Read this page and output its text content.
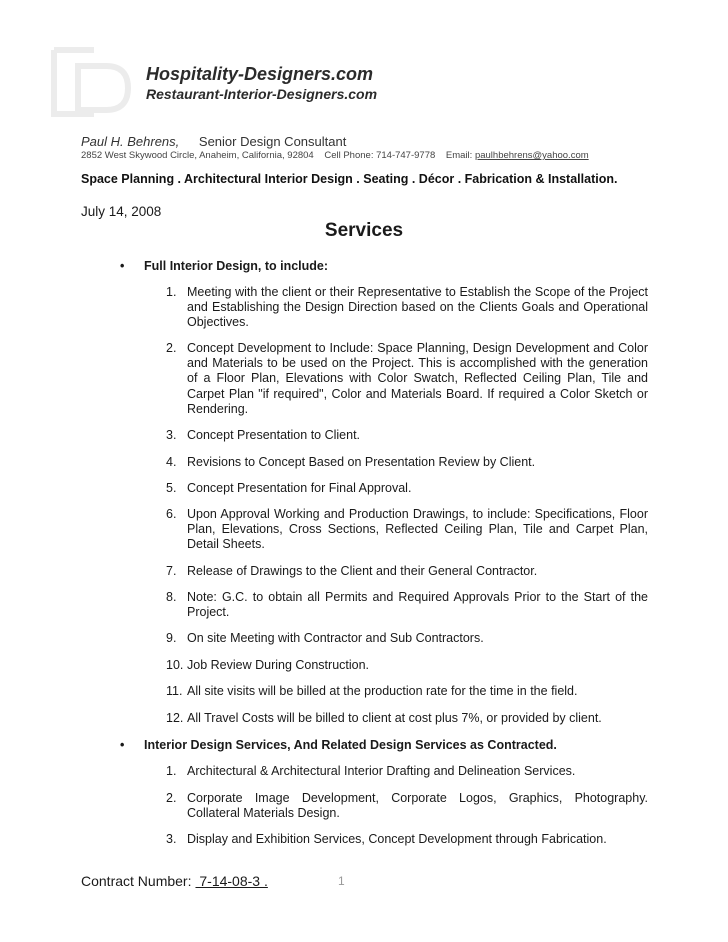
Hospitality-Designers.com
Restaurant-Interior-Designers.com
Paul H. Behrens, Senior Design Consultant
2852 West Skywood Circle, Anaheim, California, 92804 Cell Phone: 714-747-9778 Email: paulhbehrens@yahoo.com
Space Planning . Architectural Interior Design . Seating . Décor . Fabrication & Installation.
July 14, 2008
Services
• Full Interior Design, to include:
1. Meeting with the client or their Representative to Establish the Scope of the Project and Establishing the Design Direction based on the Clients Goals and Operational Objectives.
2. Concept Development to Include: Space Planning, Design Development and Color and Materials to be used on the Project. This is accomplished with the generation of a Floor Plan, Elevations with Color Swatch, Reflected Ceiling Plan, Tile and Carpet Plan "if required", Color and Materials Board. If required a Color Sketch or Rendering.
3. Concept Presentation to Client.
4. Revisions to Concept Based on Presentation Review by Client.
5. Concept Presentation for Final Approval.
6. Upon Approval Working and Production Drawings, to include: Specifications, Floor Plan, Elevations, Cross Sections, Reflected Ceiling Plan, Tile and Carpet Plan, Detail Sheets.
7. Release of Drawings to the Client and their General Contractor.
8. Note: G.C. to obtain all Permits and Required Approvals Prior to the Start of the Project.
9. On site Meeting with Contractor and Sub Contractors.
10. Job Review During Construction.
11. All site visits will be billed at the production rate for the time in the field.
12. All Travel Costs will be billed to client at cost plus 7%, or provided by client.
• Interior Design Services, And Related Design Services as Contracted.
1. Architectural & Architectural Interior Drafting and Delineation Services.
2. Corporate Image Development, Corporate Logos, Graphics, Photography. Collateral Materials Design.
3. Display and Exhibition Services, Concept Development through Fabrication.
Contract Number: 7-14-08-3 .	1
